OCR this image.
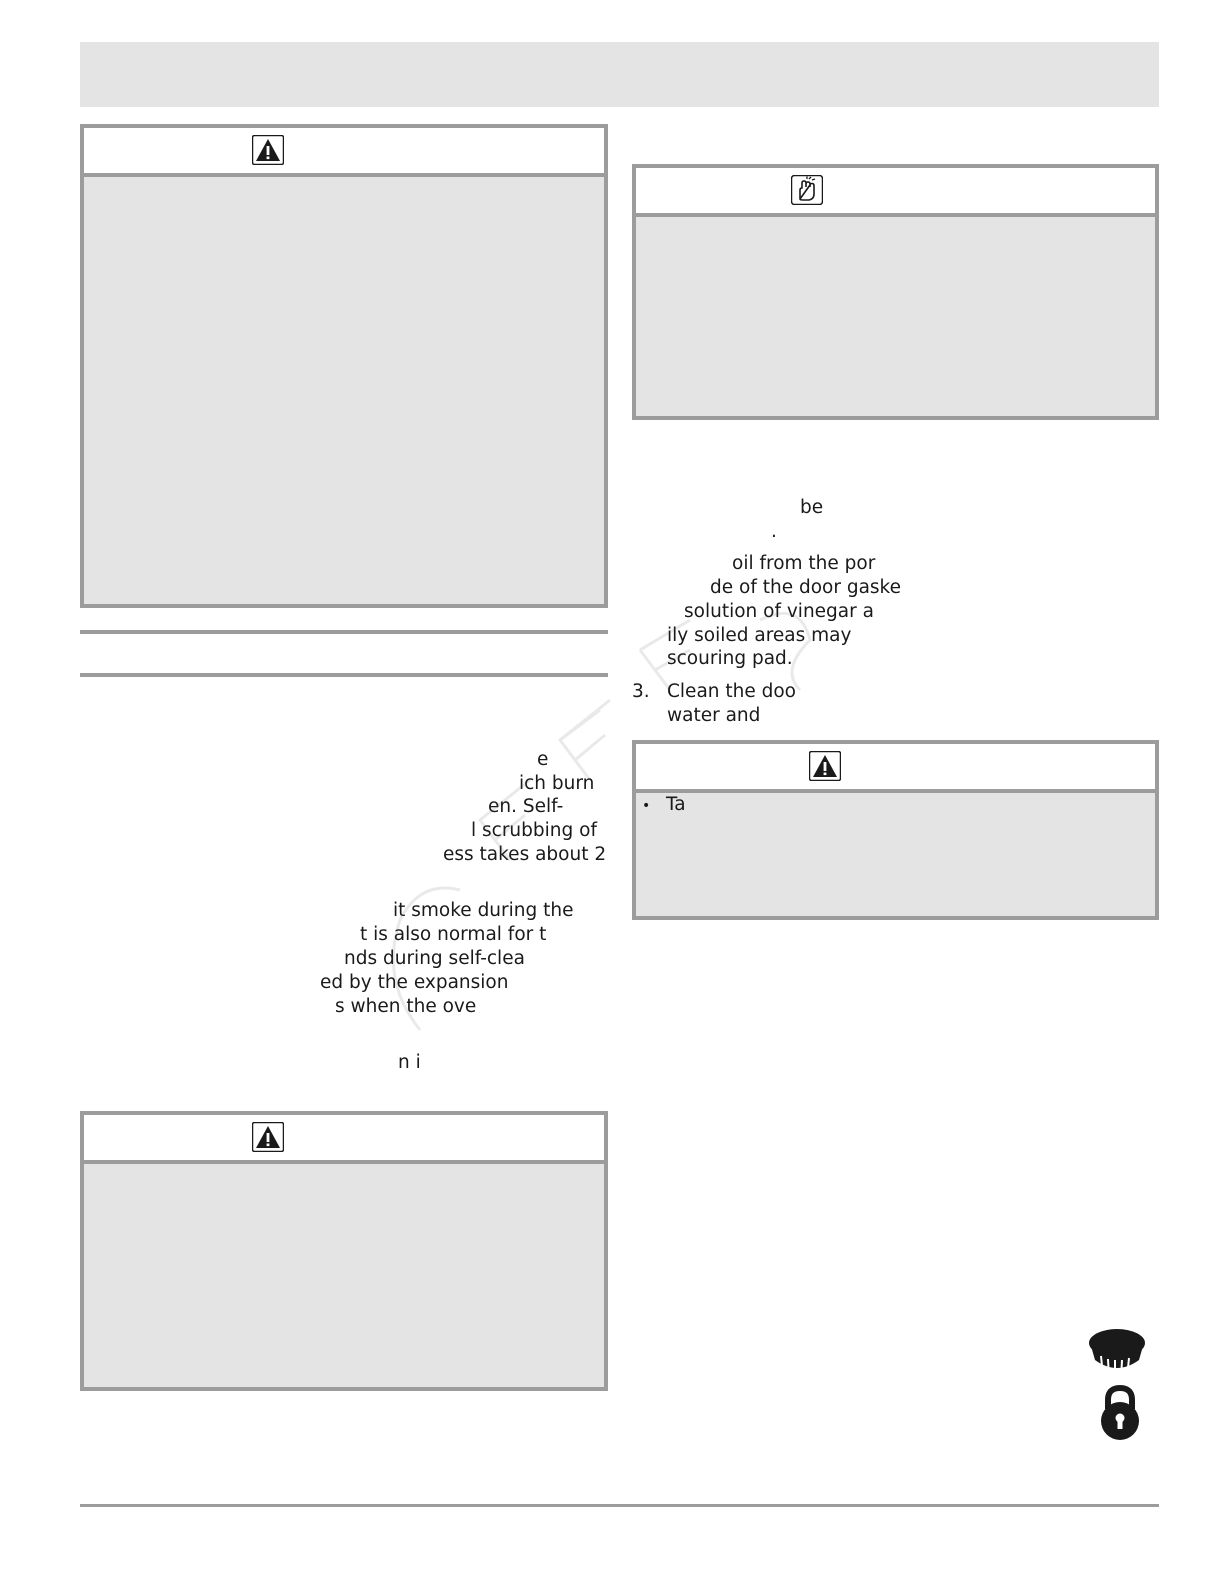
e
ich burn
en. Self-
l scrubbing of
ess takes about 2
it smoke during the
t is also normal for t
nds during self-clea
ed by the expansion
s when the ove
n i
be
.
oil from the por
de of the door gaske
solution of vinegar a
ily soiled areas may
scouring pad.
3. Clean the doo
water and
• Ta
